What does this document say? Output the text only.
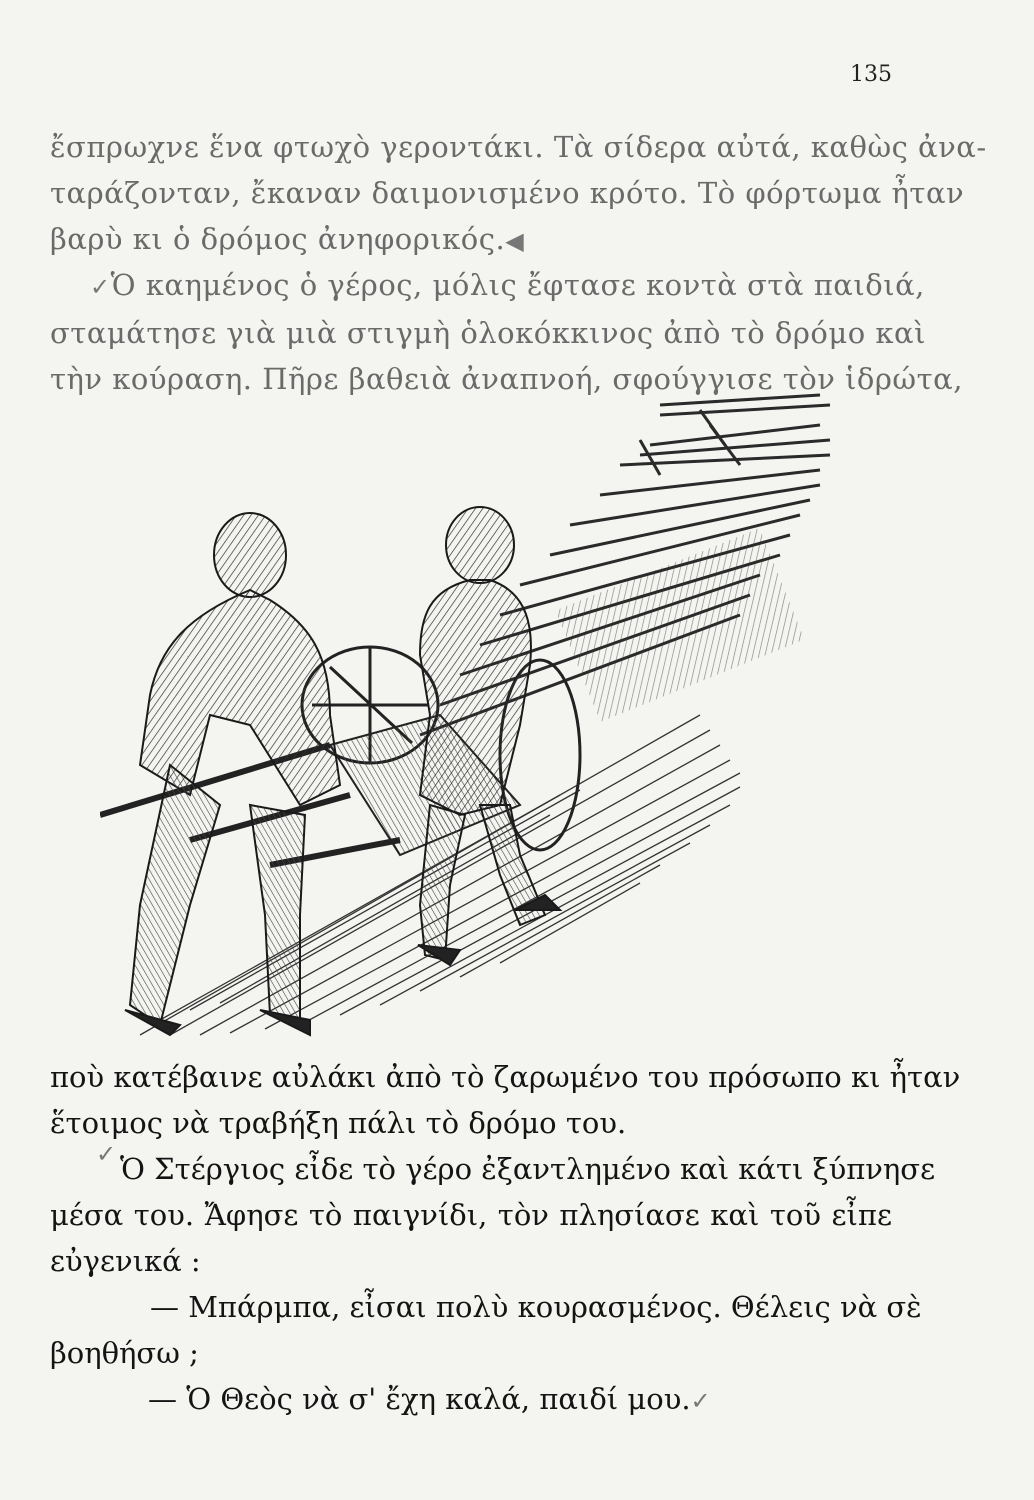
135

ἔσπρωχνε ἕνα φτωχὸ γεροντάκι. Τὰ σίδερα αὐτά, καθὼς ἀνα-
ταράζονταν, ἔκαναν δαιμονισμένο κρότο. Τὸ φόρτωμα ἦταν
βαρὺ κι ὁ δρόμος ἀνηφορικός.◀

✓Ὁ καημένος ὁ γέρος, μόλις ἔφτασε κοντὰ στὰ παιδιά,
σταμάτησε γιὰ μιὰ στιγμὴ ὁλοκόκκινος ἀπὸ τὸ δρόμο καὶ
τὴν κούραση. Πῆρε βαθειὰ ἀναπνοή, σφούγγισε τὸν ἱδρώτα,

ποὺ κατέβαινε αὐλάκι ἀπὸ τὸ ζαρωμένο του πρόσωπο κι ἦταν
ἕτοιμος νὰ τραβήξη πάλι τὸ δρόμο του.

Ὁ Στέργιος εἶδε τὸ γέρο ἐξαντλημένο καὶ κάτι ξύπνησε
μέσα του. Ἄφησε τὸ παιγνίδι, τὸν πλησίασε καὶ τοῦ εἶπε
εὐγενικά :

— Μπάρμπα, εἶσαι πολὺ κουρασμένος. Θέλεις νὰ σὲ
βοηθήσω ;

— Ὁ Θεὸς νὰ σ' ἔχη καλά, παιδί μου.✓

✓
